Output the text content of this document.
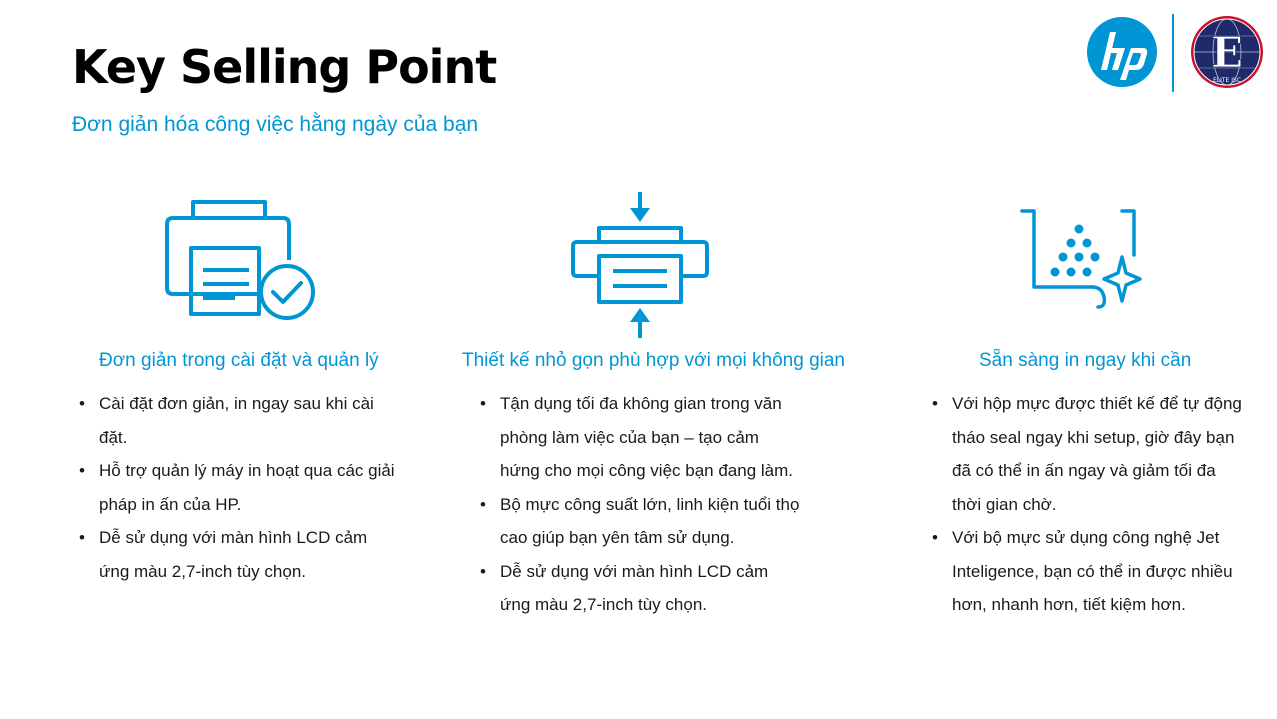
Key Selling Point

Đơn giản hóa công việc hằng ngày của bạn

E
ELITE JSC

Đơn giản trong cài đặt và quản lý	Thiết kế nhỏ gọn phù hợp với mọi không gian	Sẵn sàng in ngay khi cần

• Cài đặt đơn giản, in ngay sau khi cài đặt.
• Hỗ trợ quản lý máy in hoạt qua các giải pháp in ấn của HP.
• Dễ sử dụng với màn hình LCD cảm ứng màu 2,7-inch tùy chọn.
• Tận dụng tối đa không gian trong văn phòng làm việc của bạn – tạo cảm hứng cho mọi công việc bạn đang làm.
• Bộ mực công suất lớn, linh kiện tuổi thọ cao giúp bạn yên tâm sử dụng.
• Dễ sử dụng với màn hình LCD cảm ứng màu 2,7-inch tùy chọn.
• Với hộp mực được thiết kế để tự động tháo seal ngay khi setup, giờ đây bạn đã có thể in ấn ngay và giảm tối đa thời gian chờ.
• Với bộ mực sử dụng công nghệ Jet Inteligence, bạn có thể in được nhiều hơn, nhanh hơn, tiết kiệm hơn.
